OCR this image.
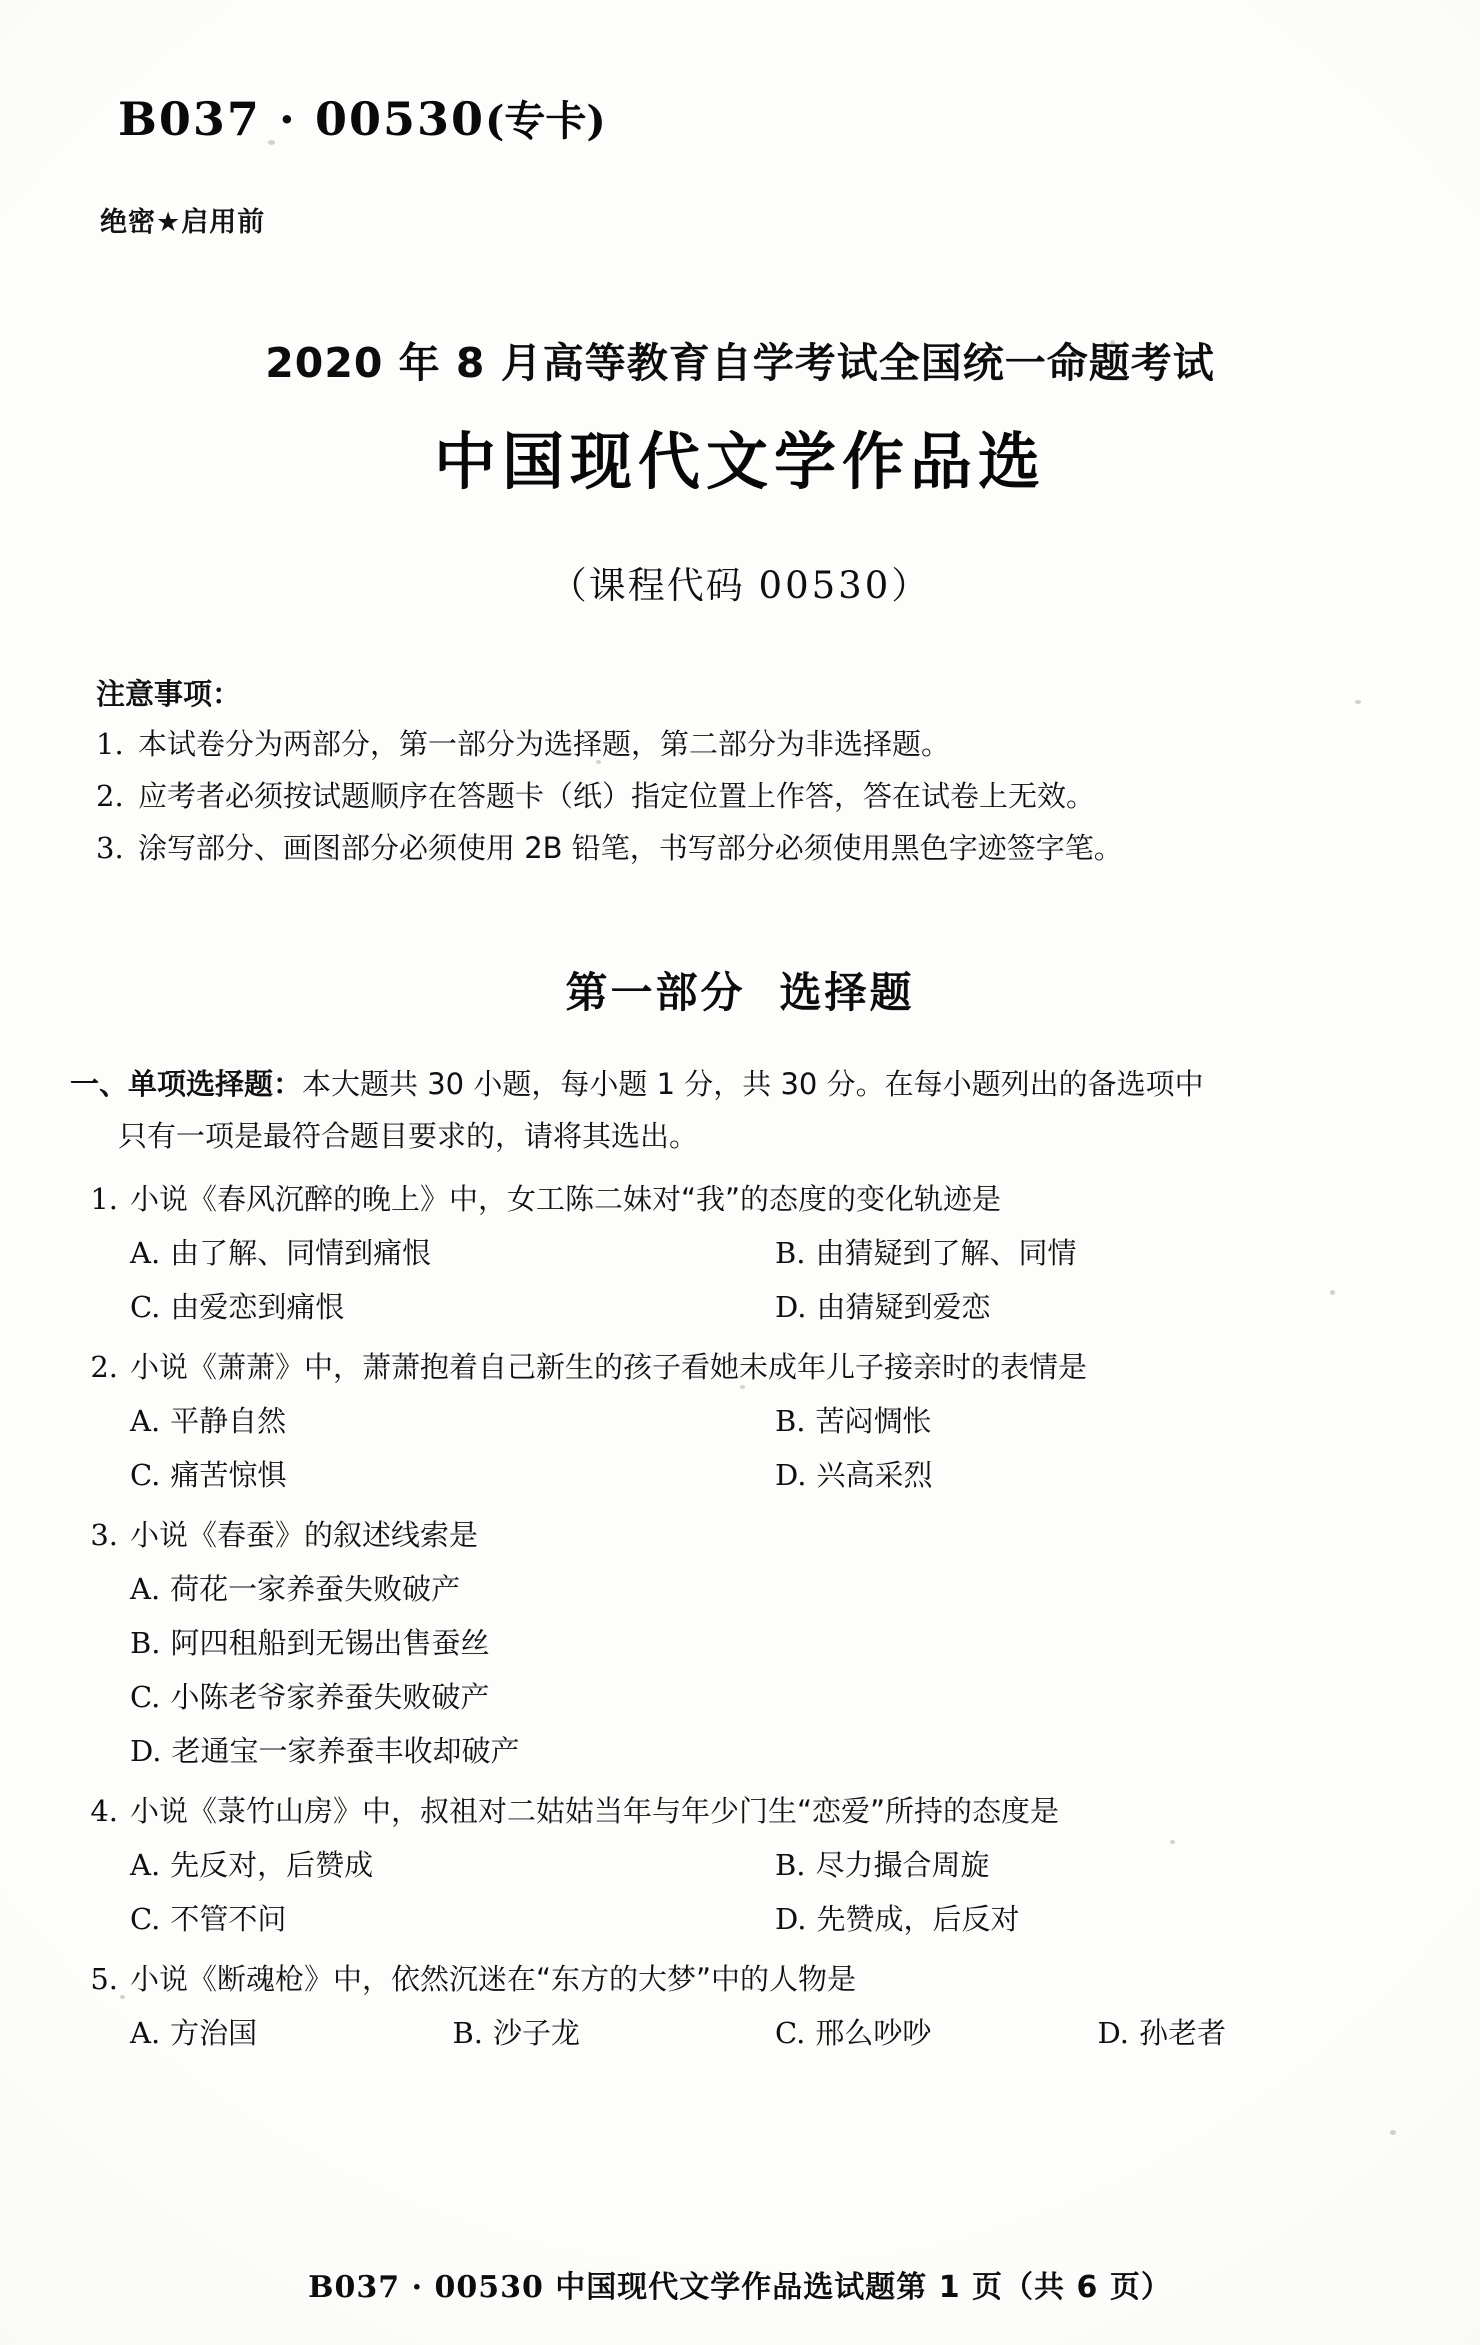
B037 · 00530(专卡)
绝密★启用前
2020 年 8 月高等教育自学考试全国统一命题考试
中国现代文学作品选
（课程代码 00530）
注意事项：
1. 本试卷分为两部分，第一部分为选择题，第二部分为非选择题。
2. 应考者必须按试题顺序在答题卡（纸）指定位置上作答，答在试卷上无效。
3. 涂写部分、画图部分必须使用 2B 铅笔，书写部分必须使用黑色字迹签字笔。
第一部分 选择题
一、单项选择题：本大题共 30 小题，每小题 1 分，共 30 分。在每小题列出的备选项中
只有一项是最符合题目要求的，请将其选出。
1. 小说《春风沉醉的晚上》中，女工陈二妹对“我”的态度的变化轨迹是
A. 由了解、同情到痛恨	B. 由猜疑到了解、同情
C. 由爱恋到痛恨	D. 由猜疑到爱恋
2. 小说《萧萧》中，萧萧抱着自己新生的孩子看她未成年儿子接亲时的表情是
A. 平静自然	B. 苦闷惆怅
C. 痛苦惊惧	D. 兴高采烈
3. 小说《春蚕》的叙述线索是
A. 荷花一家养蚕失败破产
B. 阿四租船到无锡出售蚕丝
C. 小陈老爷家养蚕失败破产
D. 老通宝一家养蚕丰收却破产
4. 小说《菉竹山房》中，叔祖对二姑姑当年与年少门生“恋爱”所持的态度是
A. 先反对，后赞成	B. 尽力撮合周旋
C. 不管不问	D. 先赞成，后反对
5. 小说《断魂枪》中，依然沉迷在“东方的大梦”中的人物是
A. 方治国	B. 沙子龙	C. 邢么吵吵	D. 孙老者
B037 · 00530 中国现代文学作品选试题第 1 页（共 6 页）
